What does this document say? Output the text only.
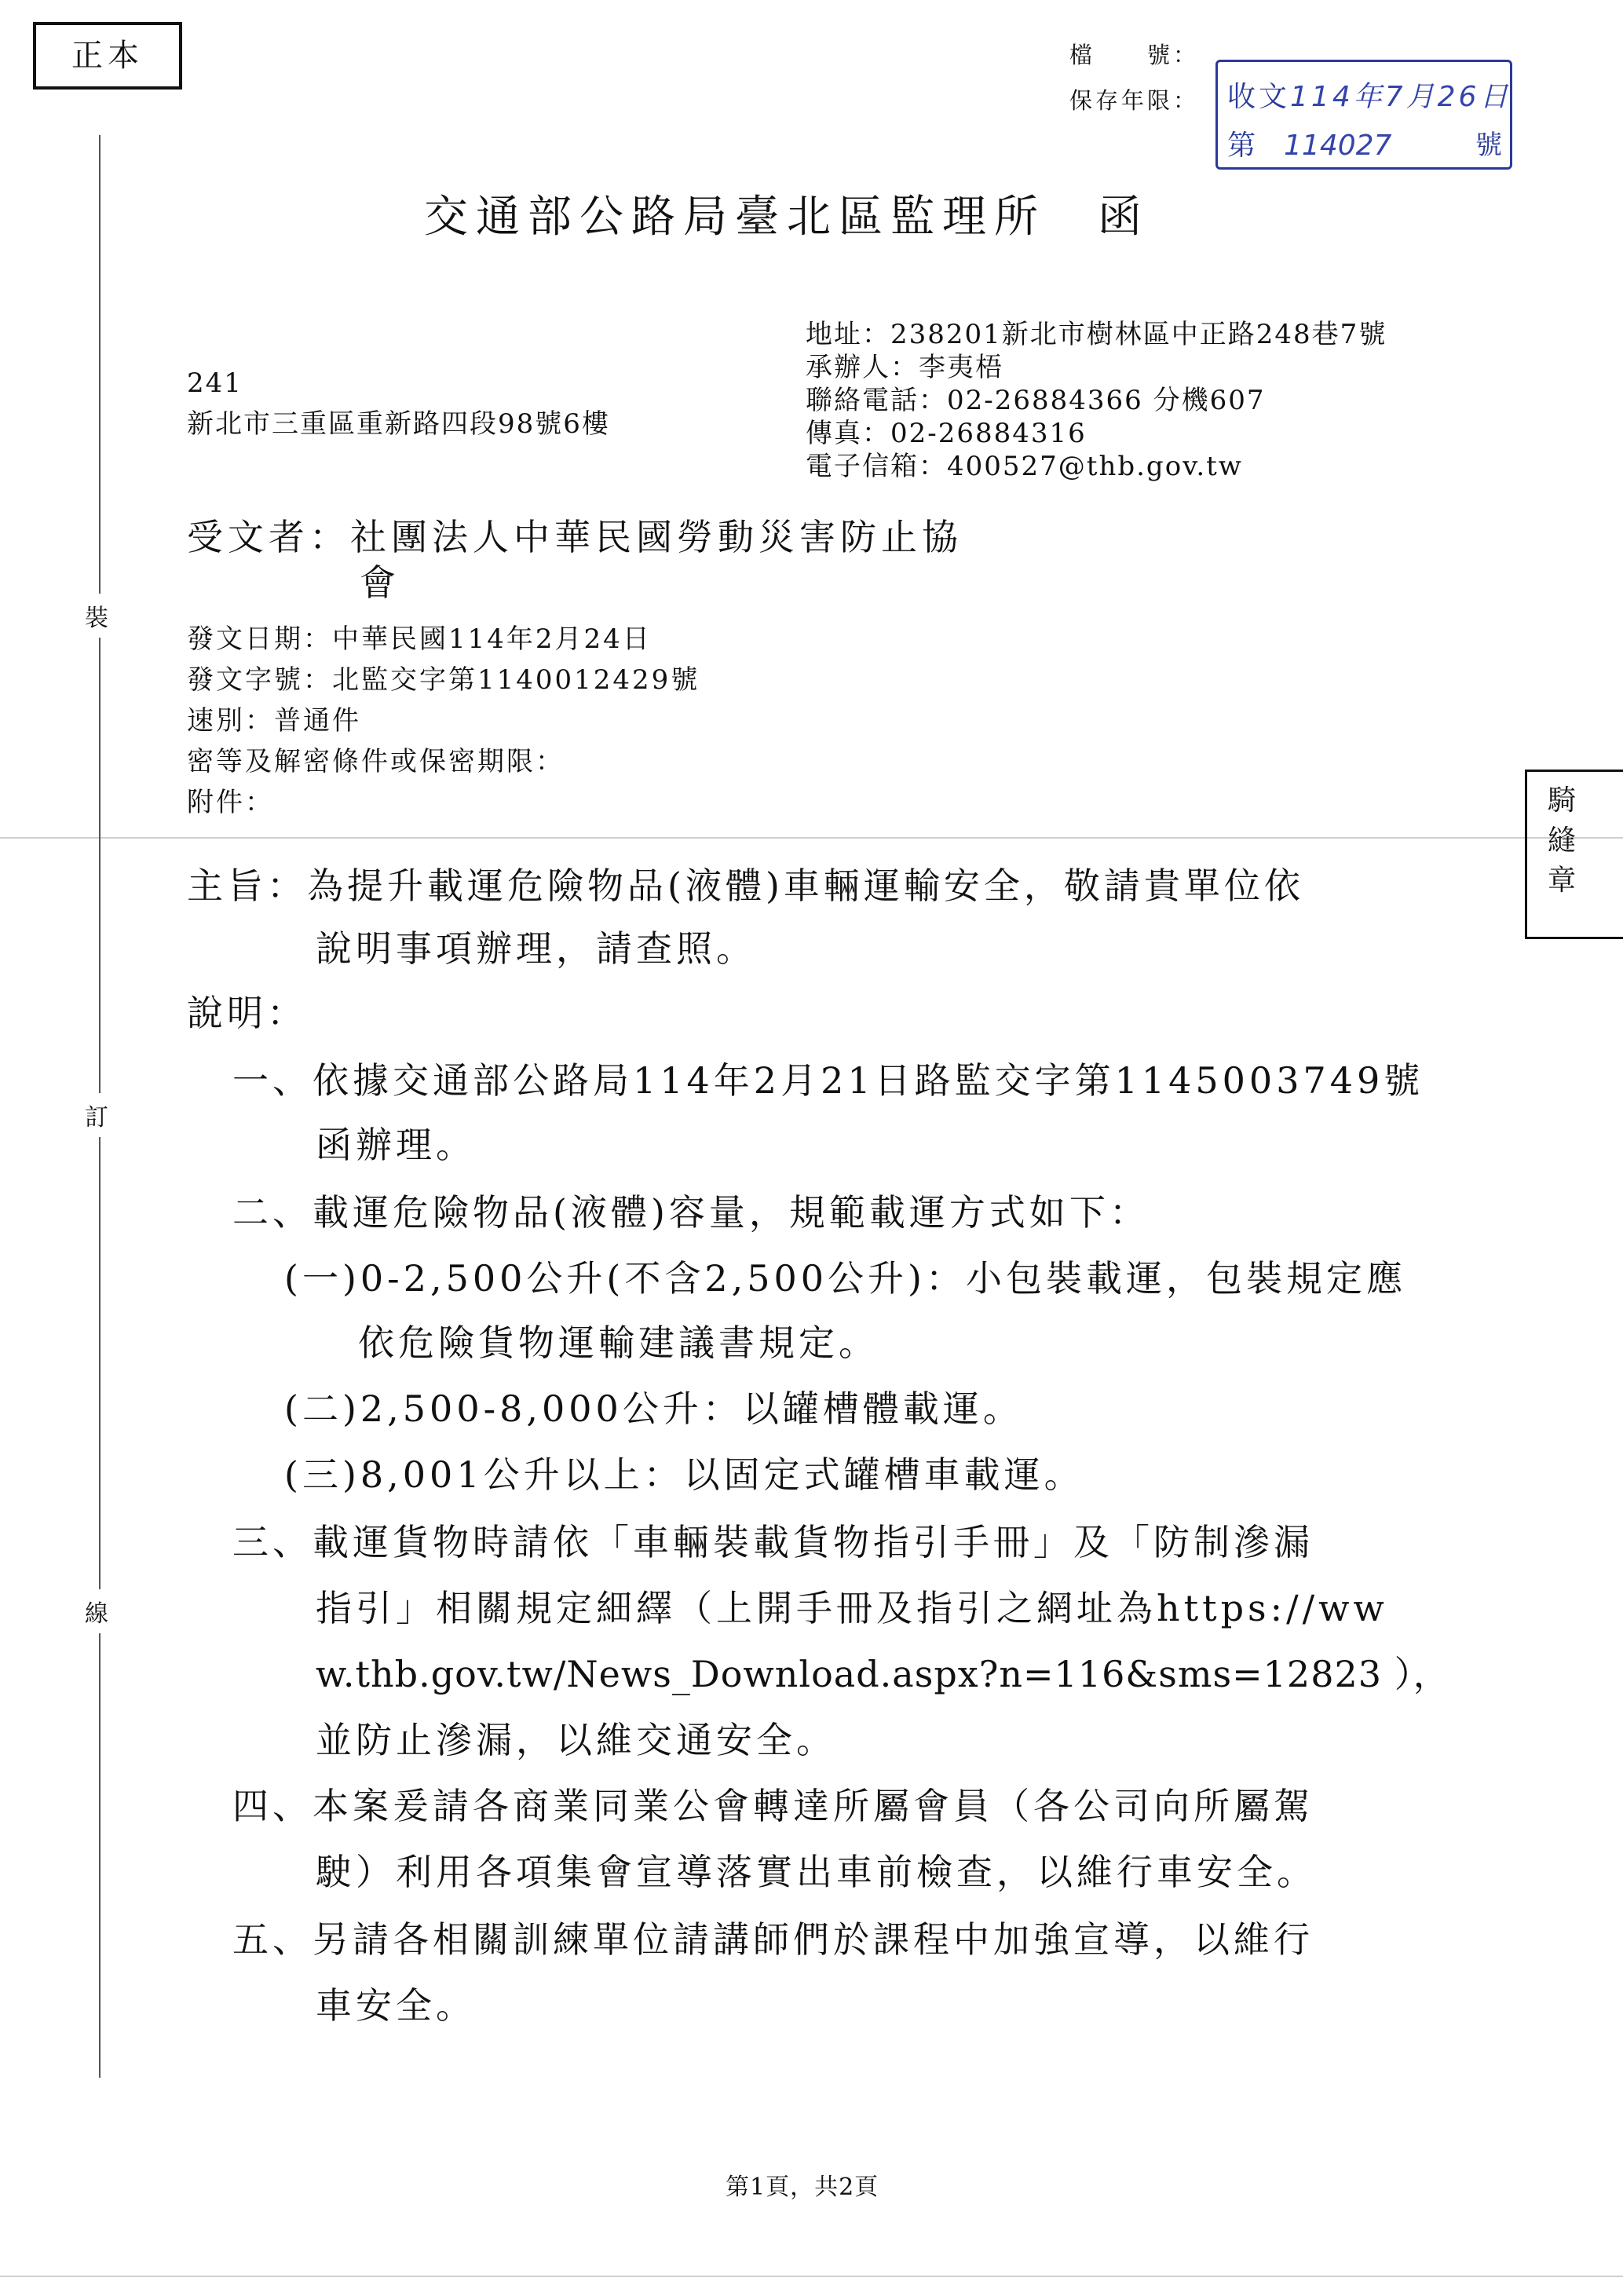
正本	檔　　號：
保存年限： 收文114年7月26日
第　 114027	號
交通部公路局臺北區監理所　函
241
新北市三重區重新路四段98號6樓
地址：238201新北市樹林區中正路248巷7號
承辦人：李夷梧
聯絡電話：02-26884366 分機607
傳真：02-26884316
電子信箱：400527@thb.gov.tw
受文者：社團法人中華民國勞動災害防止協
會
發文日期：中華民國114年2月24日
發文字號：北監交字第1140012429號
速別：普通件
密等及解密條件或保密期限：
附件：
主旨：為提升載運危險物品(液體)車輛運輸安全，敬請貴單位依
說明事項辦理，請查照。
說明：
一、依據交通部公路局114年2月21日路監交字第1145003749號
函辦理。
二、載運危險物品(液體)容量，規範載運方式如下：
(一)0-2,500公升(不含2,500公升)：小包裝載運，包裝規定應
依危險貨物運輸建議書規定。
(二)2,500-8,000公升：以罐槽體載運。
(三)8,001公升以上：以固定式罐槽車載運。
三、載運貨物時請依「車輛裝載貨物指引手冊」及「防制滲漏
指引」相關規定細繹（上開手冊及指引之網址為https://ww
w.thb.gov.tw/News_Download.aspx?n=116&sms=12823 ），
並防止滲漏，以維交通安全。
四、本案爰請各商業同業公會轉達所屬會員（各公司向所屬駕
駛）利用各項集會宣導落實出車前檢查，以維行車安全。
五、另請各相關訓練單位請講師們於課程中加強宣導，以維行
車安全。
裝
訂
線
騎
縫
章
第1頁，共2頁
